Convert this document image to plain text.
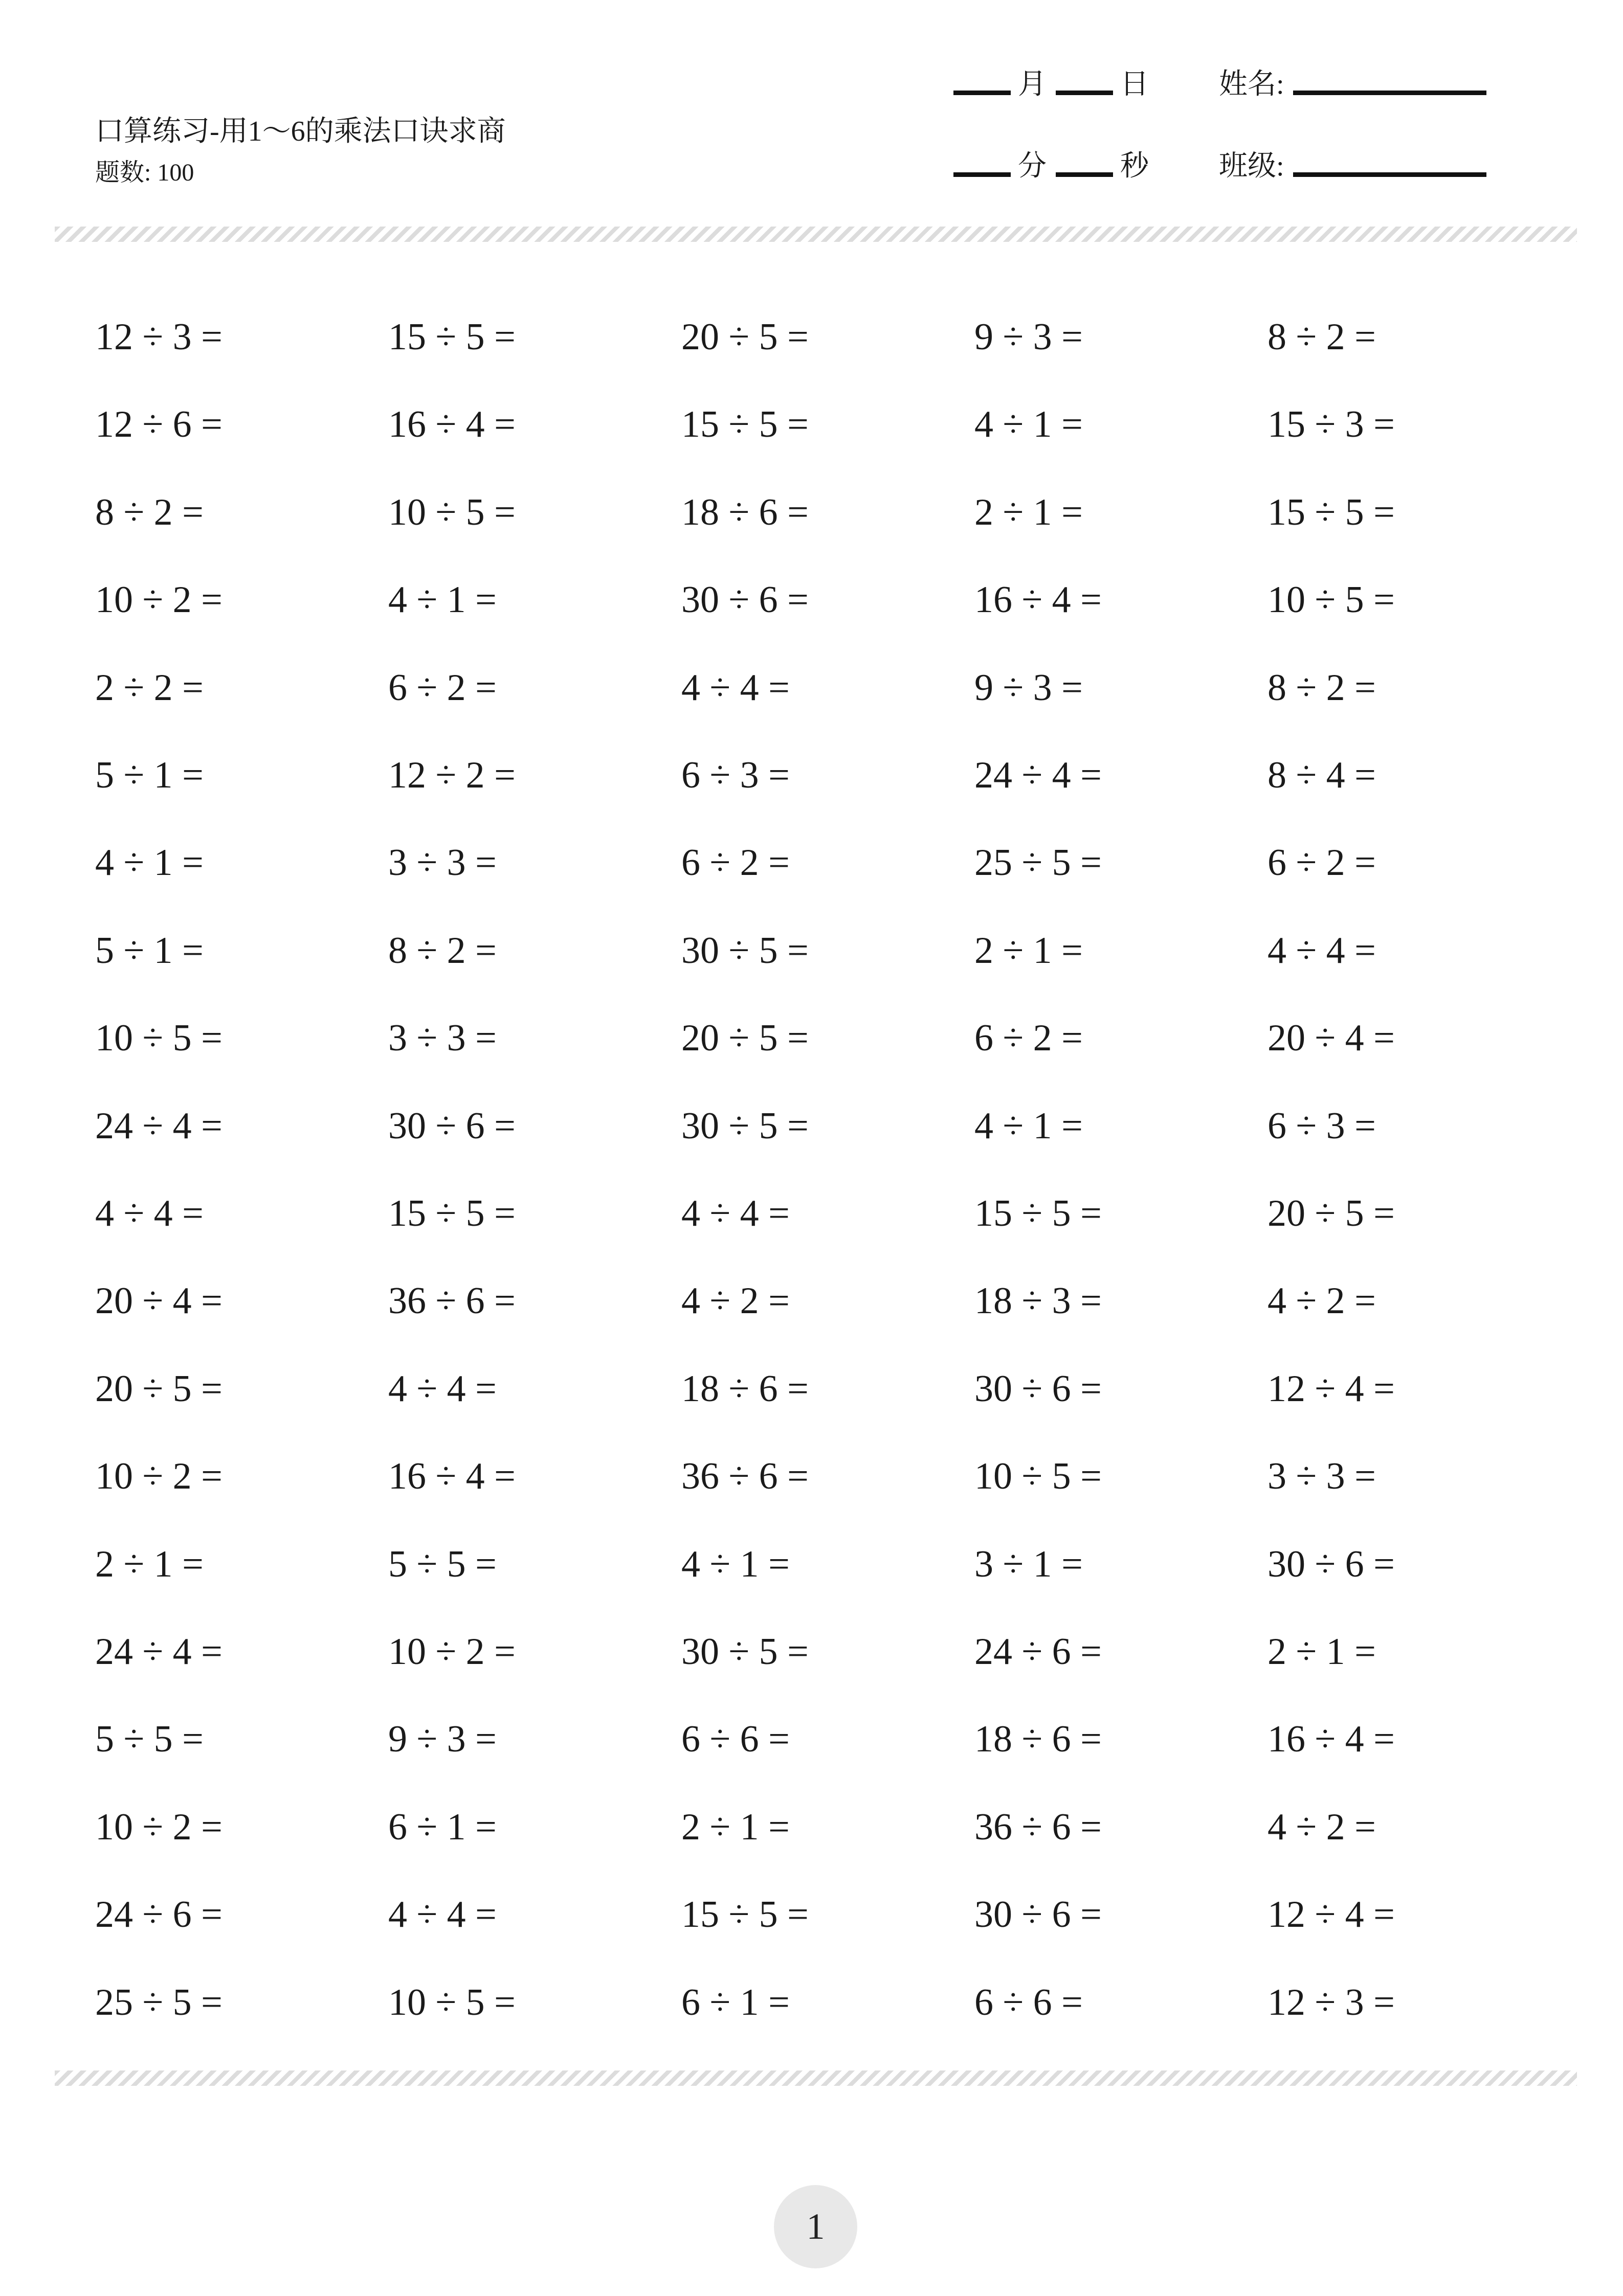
口算练习-用1～6的乘法口诀求商
题数: 100
月	日 姓名:
分	秒 班级:
12 ÷ 3 =	15 ÷ 5 =	20 ÷ 5 =	9 ÷ 3 =	8 ÷ 2 =
12 ÷ 6 =	16 ÷ 4 =	15 ÷ 5 =	4 ÷ 1 =	15 ÷ 3 =
8 ÷ 2 =	10 ÷ 5 =	18 ÷ 6 =	2 ÷ 1 =	15 ÷ 5 =
10 ÷ 2 =	4 ÷ 1 =	30 ÷ 6 =	16 ÷ 4 =	10 ÷ 5 =
2 ÷ 2 =	6 ÷ 2 =	4 ÷ 4 =	9 ÷ 3 =	8 ÷ 2 =
5 ÷ 1 =	12 ÷ 2 =	6 ÷ 3 =	24 ÷ 4 =	8 ÷ 4 =
4 ÷ 1 =	3 ÷ 3 =	6 ÷ 2 =	25 ÷ 5 =	6 ÷ 2 =
5 ÷ 1 =	8 ÷ 2 =	30 ÷ 5 =	2 ÷ 1 =	4 ÷ 4 =
10 ÷ 5 =	3 ÷ 3 =	20 ÷ 5 =	6 ÷ 2 =	20 ÷ 4 =
24 ÷ 4 =	30 ÷ 6 =	30 ÷ 5 =	4 ÷ 1 =	6 ÷ 3 =
4 ÷ 4 =	15 ÷ 5 =	4 ÷ 4 =	15 ÷ 5 =	20 ÷ 5 =
20 ÷ 4 =	36 ÷ 6 =	4 ÷ 2 =	18 ÷ 3 =	4 ÷ 2 =
20 ÷ 5 =	4 ÷ 4 =	18 ÷ 6 =	30 ÷ 6 =	12 ÷ 4 =
10 ÷ 2 =	16 ÷ 4 =	36 ÷ 6 =	10 ÷ 5 =	3 ÷ 3 =
2 ÷ 1 =	5 ÷ 5 =	4 ÷ 1 =	3 ÷ 1 =	30 ÷ 6 =
24 ÷ 4 =	10 ÷ 2 =	30 ÷ 5 =	24 ÷ 6 =	2 ÷ 1 =
5 ÷ 5 =	9 ÷ 3 =	6 ÷ 6 =	18 ÷ 6 =	16 ÷ 4 =
10 ÷ 2 =	6 ÷ 1 =	2 ÷ 1 =	36 ÷ 6 =	4 ÷ 2 =
24 ÷ 6 =	4 ÷ 4 =	15 ÷ 5 =	30 ÷ 6 =	12 ÷ 4 =
25 ÷ 5 =	10 ÷ 5 =	6 ÷ 1 =	6 ÷ 6 =	12 ÷ 3 =
1
